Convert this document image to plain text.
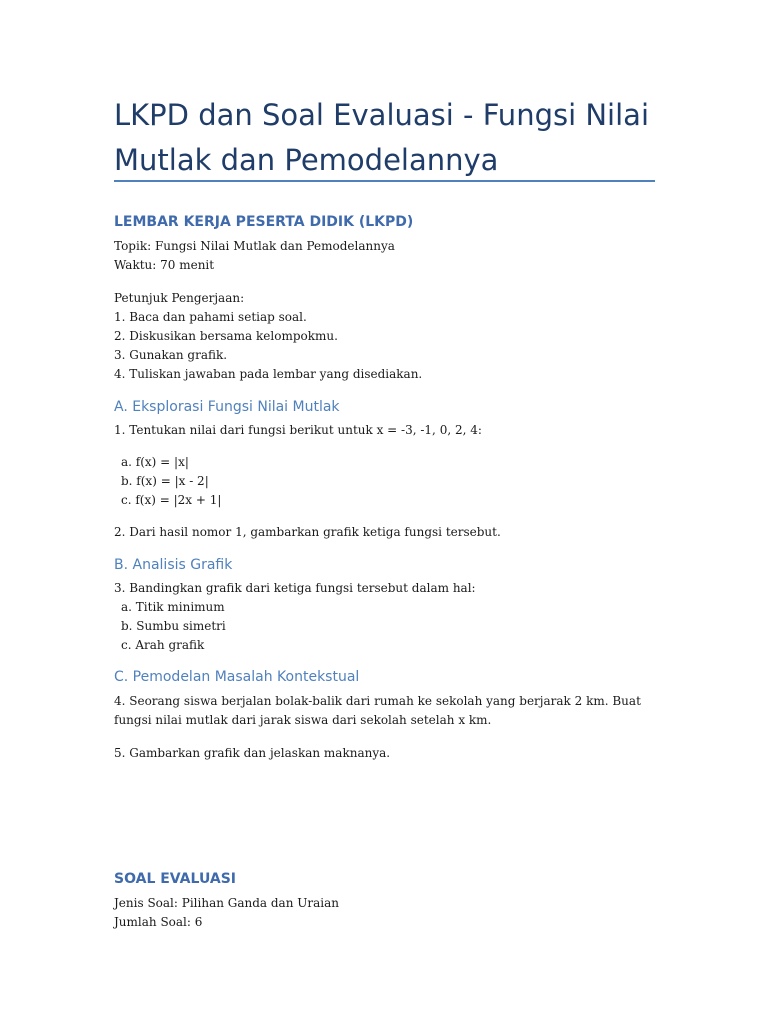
LKPD dan Soal Evaluasi - Fungsi Nilai Mutlak dan Pemodelannya
LEMBAR KERJA PESERTA DIDIK (LKPD)

Topik: Fungsi Nilai Mutlak dan Pemodelannya

Waktu: 70 menit

Petunjuk Pengerjaan:

1. Baca dan pahami setiap soal.

2. Diskusikan bersama kelompokmu.

3. Gunakan grafik.

4. Tuliskan jawaban pada lembar yang disediakan.

A. Eksplorasi Fungsi Nilai Mutlak

1. Tentukan nilai dari fungsi berikut untuk x = -3, -1, 0, 2, 4:

a. f(x) = |x|

b. f(x) = |x - 2|

c. f(x) = |2x + 1|

2. Dari hasil nomor 1, gambarkan grafik ketiga fungsi tersebut.

B. Analisis Grafik

3. Bandingkan grafik dari ketiga fungsi tersebut dalam hal:

a. Titik minimum

b. Sumbu simetri

c. Arah grafik

C. Pemodelan Masalah Kontekstual

4. Seorang siswa berjalan bolak-balik dari rumah ke sekolah yang berjarak 2 km. Buat

fungsi nilai mutlak dari jarak siswa dari sekolah setelah x km.

5. Gambarkan grafik dan jelaskan maknanya.

SOAL EVALUASI

Jenis Soal: Pilihan Ganda dan Uraian

Jumlah Soal: 6
